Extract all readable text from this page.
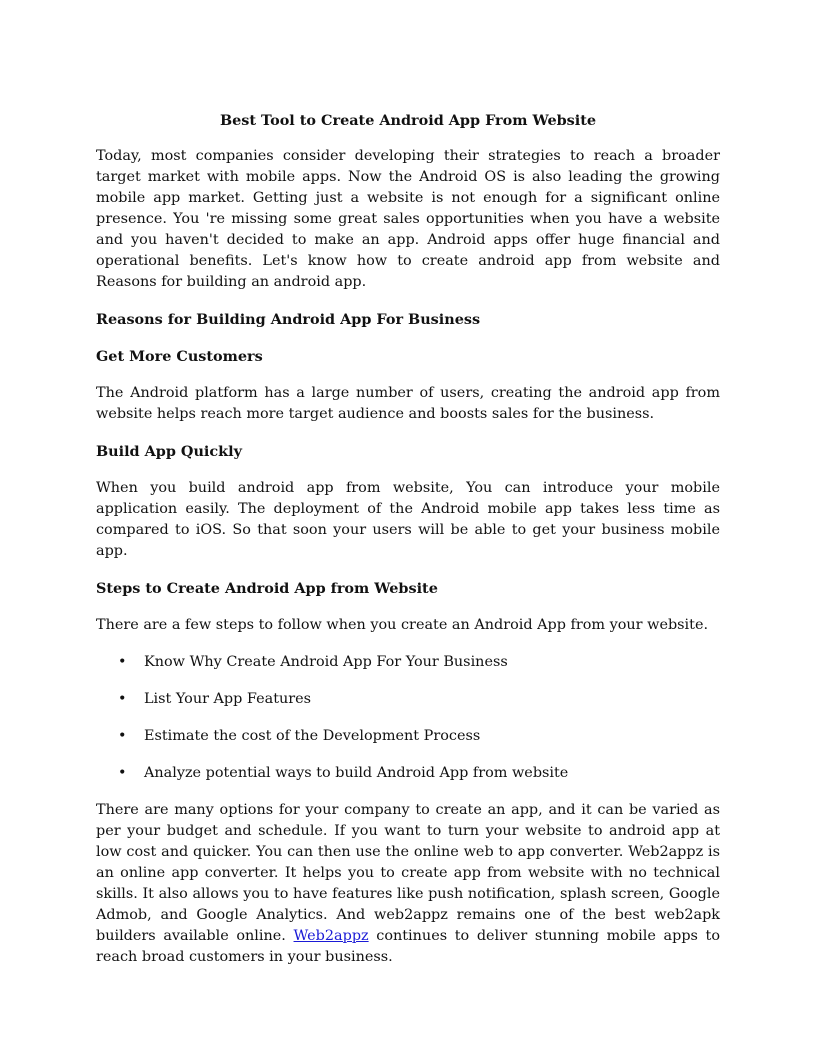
Best Tool to Create Android App From Website

Today, most companies consider developing their strategies to reach a broader target market with mobile apps. Now the Android OS is also leading the growing mobile app market. Getting just a website is not enough for a significant online presence. You 're missing some great sales opportunities when you have a website and you haven't decided to make an app. Android apps offer huge financial and operational benefits. Let's know how to create android app from website and Reasons for building an android app.

Reasons for Building Android App For Business
Get More Customers

The Android platform has a large number of users, creating the android app from website helps reach more target audience and boosts sales for the business.

Build App Quickly

When you build android app from website, You can introduce your mobile application easily. The deployment of the Android mobile app takes less time as compared to iOS. So that soon your users will be able to get your business mobile app.

Steps to Create Android App from Website

There are a few steps to follow when you create an Android App from your website.

• Know Why Create Android App For Your Business
• List Your App Features
• Estimate the cost of the Development Process
• Analyze potential ways to build Android App from website

There are many options for your company to create an app, and it can be varied as per your budget and schedule. If you want to turn your website to android app at low cost and quicker. You can then use the online web to app converter. Web2appz is an online app converter. It helps you to create app from website with no technical skills. It also allows you to have features like push notification, splash screen, Google Admob, and Google Analytics. And web2appz remains one of the best web2apk builders available online. Web2appz continues to deliver stunning mobile apps to reach broad customers in your business.
